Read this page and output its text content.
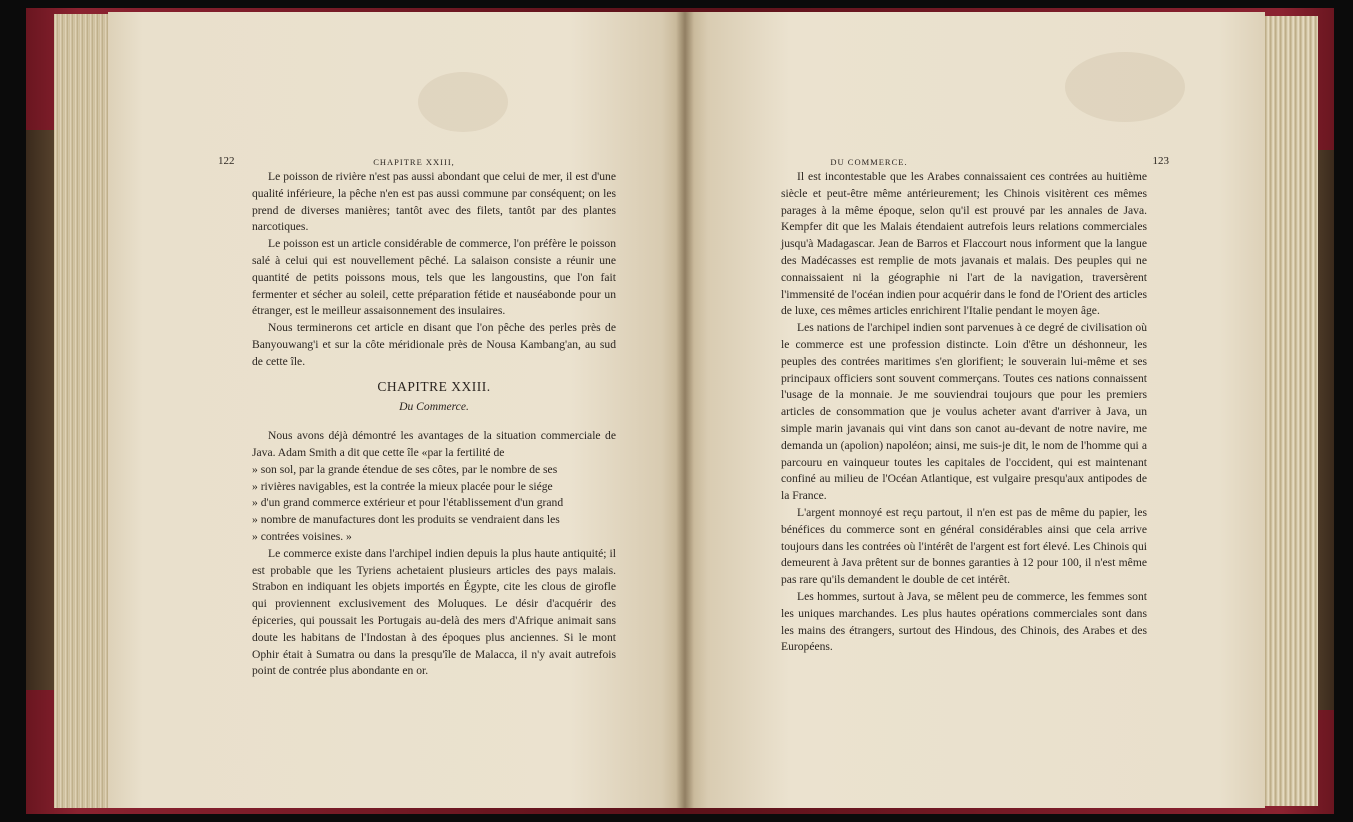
122	CHAPITRE XXIII,

Le poisson de rivière n'est pas aussi abondant que celui de mer, il est d'une qualité inférieure, la pêche n'en est pas aussi commune par conséquent; on les prend de diverses manières; tantôt avec des filets, tantôt par des plantes narcotiques.

Le poisson est un article considérable de commerce, l'on préfère le poisson salé à celui qui est nouvellement pêché. La salaison consiste a réunir une quantité de petits poissons mous, tels que les langoustins, que l'on fait fermenter et sécher au soleil, cette préparation fétide et nauséabonde pour un étranger, est le meilleur assaisonnement des insulaires.

Nous terminerons cet article en disant que l'on pêche des perles près de Banyouwang'i et sur la côte méridionale près de Nousa Kambang'an, au sud de cette île.

CHAPITRE XXIII.
Du Commerce.

Nous avons déjà démontré les avantages de la situation commerciale de Java. Adam Smith a dit que cette île «par la fertilité de

» son sol, par la grande étendue de ses côtes, par le nombre de ses
» rivières navigables, est la contrée la mieux placée pour le siége
» d'un grand commerce extérieur et pour l'établissement d'un grand
» nombre de manufactures dont les produits se vendraient dans les
» contrées voisines. »

Le commerce existe dans l'archipel indien depuis la plus haute antiquité; il est probable que les Tyriens achetaient plusieurs articles des pays malais. Strabon en indiquant les objets importés en Égypte, cite les clous de girofle qui proviennent exclusivement des Moluques. Le désir d'acquérir des épiceries, qui poussait les Portugais au-delà des mers d'Afrique animait sans doute les habitans de l'Indostan à des époques plus anciennes. Si le mont Ophir était à Sumatra ou dans la presqu'île de Malacca, il n'y avait autrefois point de contrée plus abondante en or.

DU COMMERCE.	123

Il est incontestable que les Arabes connaissaient ces contrées au huitième siècle et peut-être même antérieurement; les Chinois visitèrent ces mêmes parages à la même époque, selon qu'il est prouvé par les annales de Java. Kempfer dit que les Malais étendaient autrefois leurs relations commerciales jusqu'à Madagascar. Jean de Barros et Flaccourt nous informent que la langue des Madécasses est remplie de mots javanais et malais. Des peuples qui ne connaissaient ni la géographie ni l'art de la navigation, traversèrent l'immensité de l'océan indien pour acquérir dans le fond de l'Orient des articles de luxe, ces mêmes articles enrichirent l'Italie pendant le moyen âge.

Les nations de l'archipel indien sont parvenues à ce degré de civilisation où le commerce est une profession distincte. Loin d'être un déshonneur, les peuples des contrées maritimes s'en glorifient; le souverain lui-même et ses principaux officiers sont souvent commerçans. Toutes ces nations connaissent l'usage de la monnaie. Je me souviendrai toujours que pour les premiers articles de consommation que je voulus acheter avant d'arriver à Java, un simple marin javanais qui vint dans son canot au-devant de notre navire, me demanda un (apolion) napoléon; ainsi, me suis-je dit, le nom de l'homme qui a parcouru en vainqueur toutes les capitales de l'occident, qui est maintenant confiné au milieu de l'Océan Atlantique, est vulgaire presqu'aux antipodes de la France.

L'argent monnoyé est reçu partout, il n'en est pas de même du papier, les bénéfices du commerce sont en général considérables ainsi que cela arrive toujours dans les contrées où l'intérêt de l'argent est fort élevé. Les Chinois qui demeurent à Java prêtent sur de bonnes garanties à 12 pour 100, il n'est même pas rare qu'ils demandent le double de cet intérêt.

Les hommes, surtout à Java, se mêlent peu de commerce, les femmes sont les uniques marchandes. Les plus hautes opérations commerciales sont dans les mains des étrangers, surtout des Hindous, des Chinois, des Arabes et des Européens.
